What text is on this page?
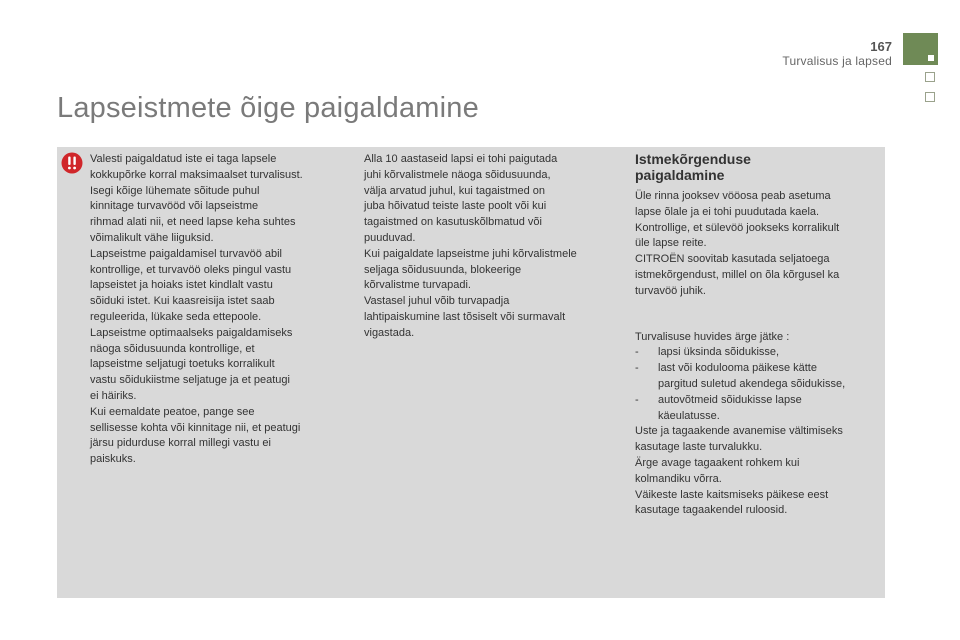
167
Turvalisus ja lapsed
Lapseistmete õige paigaldamine

Valesti paigaldatud iste ei taga lapsele
kokkupõrke korral maksimaalset turvalisust.
Isegi kõige lühemate sõitude puhul
kinnitage turvavööd või lapseistme
rihmad alati nii, et need lapse keha suhtes
võimalikult vähe liiguksid.
Lapseistme paigaldamisel turvavöö abil
kontrollige, et turvavöö oleks pingul vastu
lapseistet ja hoiaks istet kindlalt vastu
sõiduki istet. Kui kaasreisija istet saab
reguleerida, lükake seda ettepoole.
Lapseistme optimaalseks paigaldamiseks
näoga sõidusuunda kontrollige, et
lapseistme seljatugi toetuks korralikult
vastu sõidukiistme seljatuge ja et peatugi
ei häiriks.
Kui eemaldate peatoe, pange see
sellisesse kohta või kinnitage nii, et peatugi
järsu pidurduse korral millegi vastu ei
paiskuks.

Alla 10 aastaseid lapsi ei tohi paigutada
juhi kõrvalistmele näoga sõidusuunda,
välja arvatud juhul, kui tagaistmed on
juba hõivatud teiste laste poolt või kui
tagaistmed on kasutuskõlbmatud või
puuduvad.
Kui paigaldate lapseistme juhi kõrvalistmele
seljaga sõidusuunda, blokeerige
kõrvalistme turvapadi.
Vastasel juhul võib turvapadja
lahtipaiskumine last tõsiselt või surmavalt
vigastada.

Istmekõrgenduse
paigaldamine

Üle rinna jooksev vööosa peab asetuma
lapse õlale ja ei tohi puudutada kaela.
Kontrollige, et sülevöö jookseks korralikult
üle lapse reite.
CITROËN soovitab kasutada seljatoega
istmekõrgendust, millel on õla kõrgusel ka
turvavöö juhik.

Turvalisuse huvides ärge jätke :

- lapsi üksinda sõidukisse,
- last või kodulooma päikese kätte
pargitud suletud akendega sõidukisse,
- autovõtmeid sõidukisse lapse
käeulatusse.

Uste ja tagaakende avanemise vältimiseks
kasutage laste turvalukku.
Ärge avage tagaakent rohkem kui
kolmandiku võrra.
Väikeste laste kaitsmiseks päikese eest
kasutage tagaakendel ruloosid.
